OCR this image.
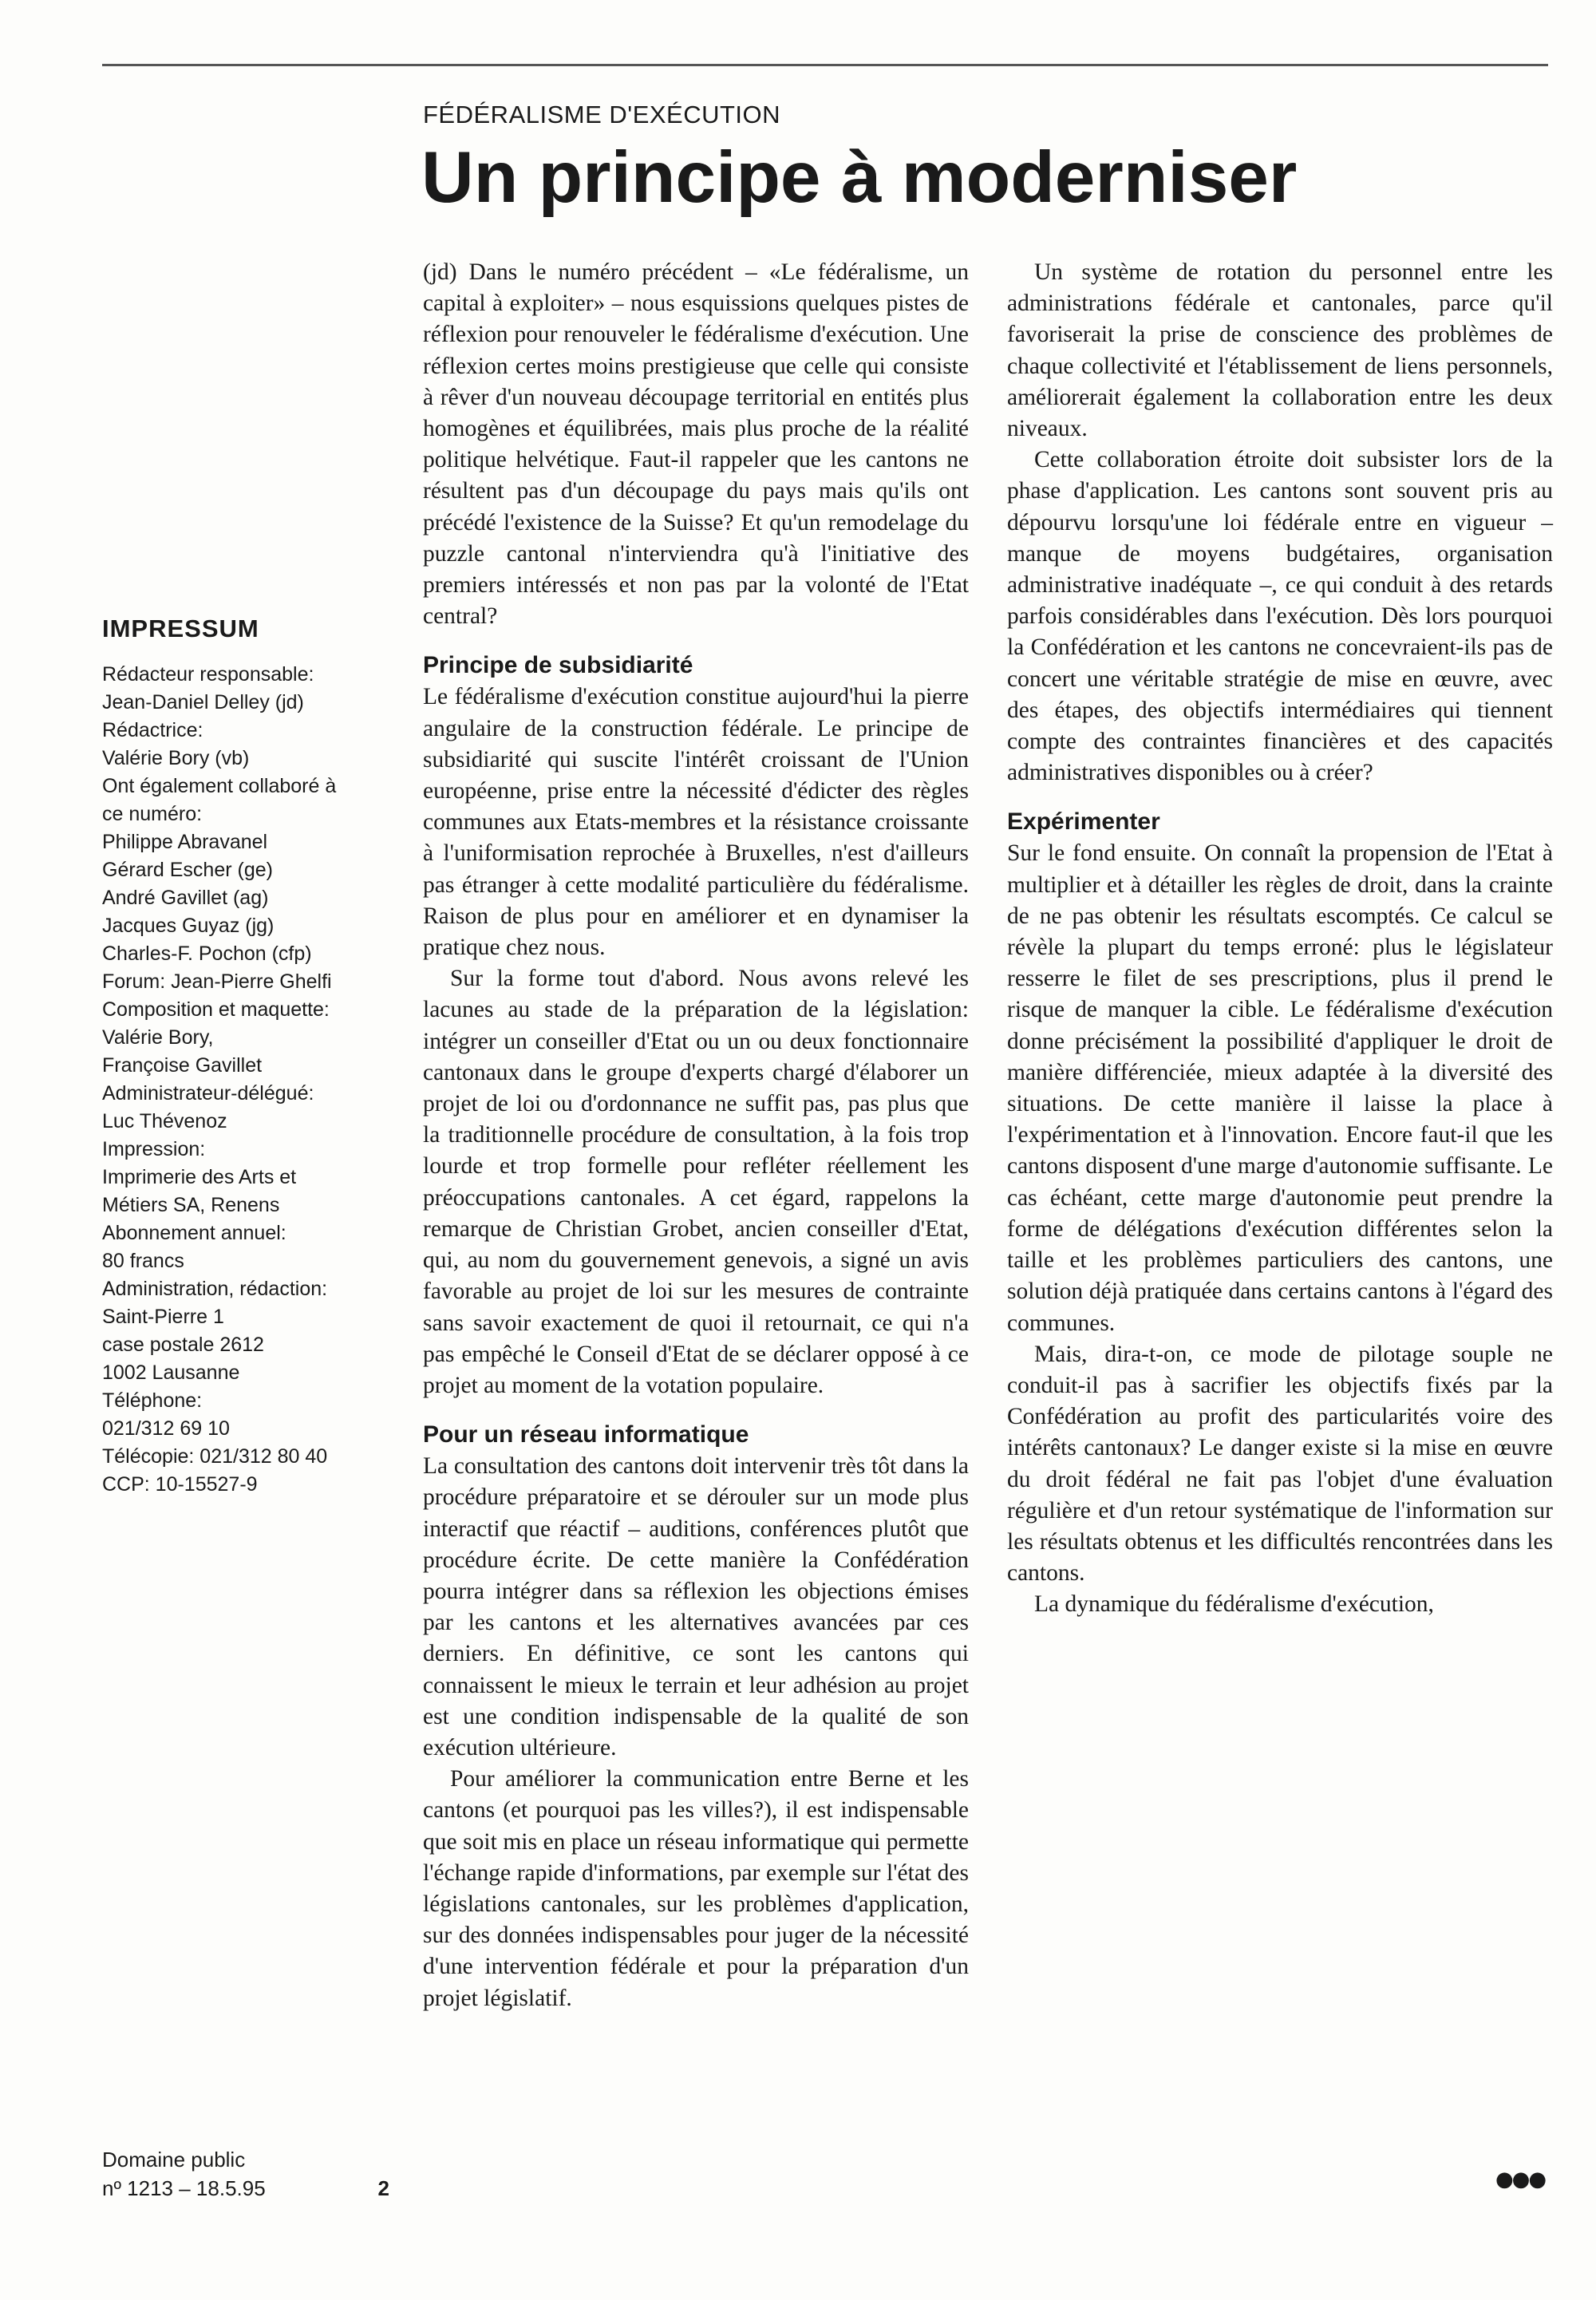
FÉDÉRALISME D'EXÉCUTION
Un principe à moderniser
IMPRESSUM
Rédacteur responsable:
Jean-Daniel Delley (jd)
Rédactrice:
Valérie Bory (vb)
Ont également collaboré à
ce numéro:
Philippe Abravanel
Gérard Escher (ge)
André Gavillet (ag)
Jacques Guyaz (jg)
Charles-F. Pochon (cfp)
Forum: Jean-Pierre Ghelfi
Composition et maquette:
Valérie Bory,
Françoise Gavillet
Administrateur-délégué:
Luc Thévenoz
Impression:
Imprimerie des Arts et
Métiers SA, Renens
Abonnement annuel:
80 francs
Administration, rédaction:
Saint-Pierre 1
case postale 2612
1002 Lausanne
Téléphone:
021/312 69 10
Télécopie: 021/312 80 40
CCP: 10-15527-9
Domaine public
nº 1213 – 18.5.95	2

(jd) Dans le numéro précédent – «Le fédéralisme, un capital à exploiter» – nous esquissions quelques pistes de réflexion pour renouveler le fédéralisme d'exécution. Une réflexion certes moins prestigieuse que celle qui consiste à rêver d'un nouveau découpage territorial en entités plus homogènes et équilibrées, mais plus proche de la réalité politique helvétique. Faut-il rappeler que les cantons ne résultent pas d'un découpage du pays mais qu'ils ont précédé l'existence de la Suisse? Et qu'un remodelage du puzzle cantonal n'interviendra qu'à l'initiative des premiers intéressés et non pas par la volonté de l'Etat central?

Principe de subsidiarité

Le fédéralisme d'exécution constitue aujourd'hui la pierre angulaire de la construction fédérale. Le principe de subsidiarité qui suscite l'intérêt croissant de l'Union européenne, prise entre la nécessité d'édicter des règles communes aux Etats-membres et la résistance croissante à l'uniformisation reprochée à Bruxelles, n'est d'ailleurs pas étranger à cette modalité particulière du fédéralisme. Raison de plus pour en améliorer et en dynamiser la pratique chez nous.

Sur la forme tout d'abord. Nous avons relevé les lacunes au stade de la préparation de la législation: intégrer un conseiller d'Etat ou un ou deux fonctionnaire cantonaux dans le groupe d'experts chargé d'élaborer un projet de loi ou d'ordonnance ne suffit pas, pas plus que la traditionnelle procédure de consultation, à la fois trop lourde et trop formelle pour refléter réellement les préoccupations cantonales. A cet égard, rappelons la remarque de Christian Grobet, ancien conseiller d'Etat, qui, au nom du gouvernement genevois, a signé un avis favorable au projet de loi sur les mesures de contrainte sans savoir exactement de quoi il retournait, ce qui n'a pas empêché le Conseil d'Etat de se déclarer opposé à ce projet au moment de la votation populaire.

Pour un réseau informatique

La consultation des cantons doit intervenir très tôt dans la procédure préparatoire et se dérouler sur un mode plus interactif que réactif – auditions, conférences plutôt que procédure écrite. De cette manière la Confédération pourra intégrer dans sa réflexion les objections émises par les cantons et les alternatives avancées par ces derniers. En définitive, ce sont les cantons qui connaissent le mieux le terrain et leur adhésion au projet est une condition indispensable de la qualité de son exécution ultérieure.

Pour améliorer la communication entre Berne et les cantons (et pourquoi pas les villes?), il est indispensable que soit mis en place un réseau informatique qui permette l'échange rapide d'informations, par exemple sur l'état des législations cantonales, sur les problèmes d'application, sur des données indispensables pour juger de la nécessité d'une intervention fédérale et pour la préparation d'un projet législatif.

Un système de rotation du personnel entre les administrations fédérale et cantonales, parce qu'il favoriserait la prise de conscience des problèmes de chaque collectivité et l'établissement de liens personnels, améliorerait également la collaboration entre les deux niveaux.

Cette collaboration étroite doit subsister lors de la phase d'application. Les cantons sont souvent pris au dépourvu lorsqu'une loi fédérale entre en vigueur – manque de moyens budgétaires, organisation administrative inadéquate –, ce qui conduit à des retards parfois considérables dans l'exécution. Dès lors pourquoi la Confédération et les cantons ne concevraient-ils pas de concert une véritable stratégie de mise en œuvre, avec des étapes, des objectifs intermédiaires qui tiennent compte des contraintes financières et des capacités administratives disponibles ou à créer?

Expérimenter

Sur le fond ensuite. On connaît la propension de l'Etat à multiplier et à détailler les règles de droit, dans la crainte de ne pas obtenir les résultats escomptés. Ce calcul se révèle la plupart du temps erroné: plus le législateur resserre le filet de ses prescriptions, plus il prend le risque de manquer la cible. Le fédéralisme d'exécution donne précisément la possibilité d'appliquer le droit de manière différenciée, mieux adaptée à la diversité des situations. De cette manière il laisse la place à l'expérimentation et à l'innovation. Encore faut-il que les cantons disposent d'une marge d'autonomie suffisante. Le cas échéant, cette marge d'autonomie peut prendre la forme de délégations d'exécution différentes selon la taille et les problèmes particuliers des cantons, une solution déjà pratiquée dans certains cantons à l'égard des communes.

Mais, dira-t-on, ce mode de pilotage souple ne conduit-il pas à sacrifier les objectifs fixés par la Confédération au profit des particularités voire des intérêts cantonaux? Le danger existe si la mise en œuvre du droit fédéral ne fait pas l'objet d'une évaluation régulière et d'un retour systématique de l'information sur les résultats obtenus et les difficultés rencontrées dans les cantons.

La dynamique du fédéralisme d'exécution,

●●●
